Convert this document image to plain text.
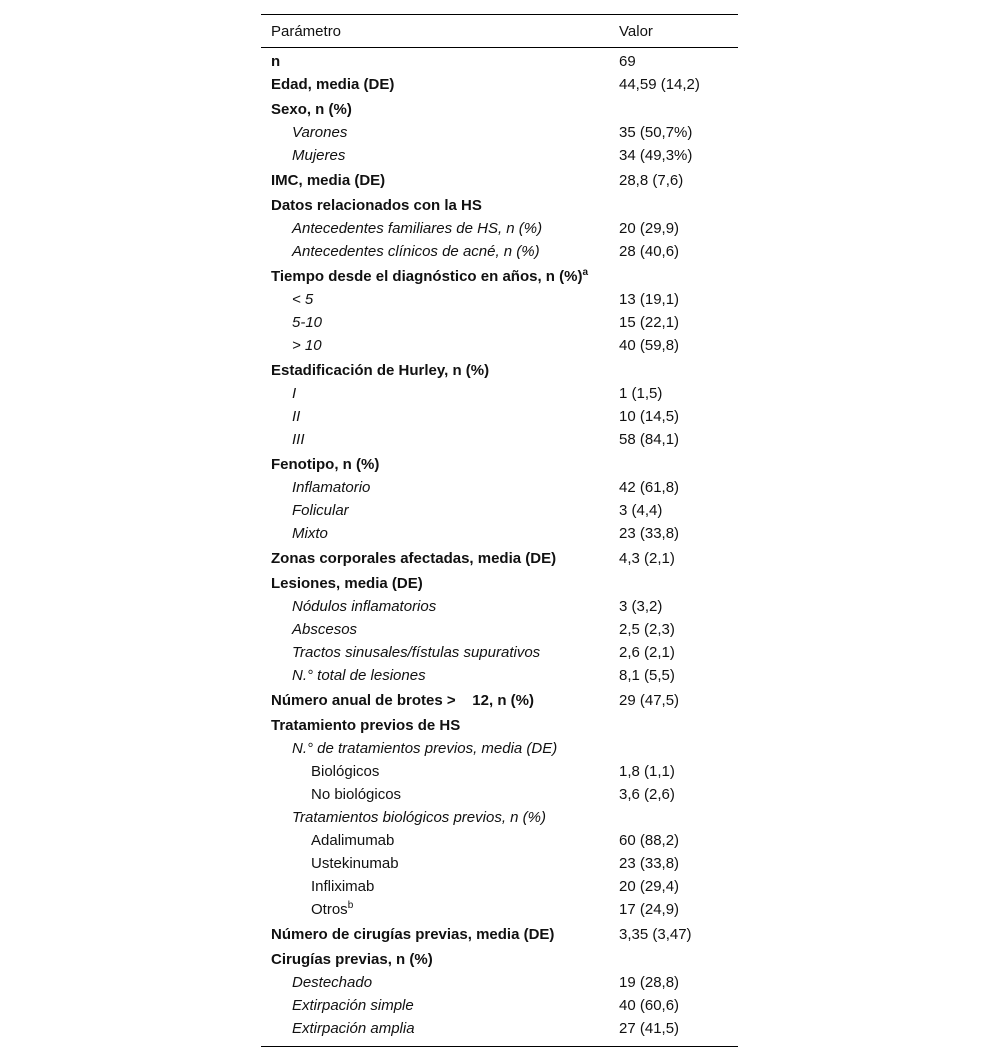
Parámetro	Valor
n	69
Edad, media (DE)	44,59 (14,2)
Sexo, n (%)
Varones	35 (50,7%)
Mujeres	34 (49,3%)
IMC, media (DE)	28,8 (7,6)
Datos relacionados con la HS
Antecedentes familiares de HS, n (%)	20 (29,9)
Antecedentes clínicos de acné, n (%)	28 (40,6)
Tiempo desde el diagnóstico en años, n (%)$^a$
< 5	13 (19,1)
5-10	15 (22,1)
> 10	40 (59,8)
Estadificación de Hurley, n (%)
I	1 (1,5)
II	10 (14,5)
III	58 (84,1)
Fenotipo, n (%)
Inflamatorio	42 (61,8)
Folicular	3 (4,4)
Mixto	23 (33,8)
Zonas corporales afectadas, media (DE)	4,3 (2,1)
Lesiones, media (DE)
Nódulos inflamatorios	3 (3,2)
Abscesos	2,5 (2,3)
Tractos sinusales/fístulas supurativos	2,6 (2,1)
N.° total de lesiones	8,1 (5,5)
Número anual de brotes >    12, n (%)	29 (47,5)
Tratamiento previos de HS
N.° de tratamientos previos, media (DE)
Biológicos	1,8 (1,1)
No biológicos	3,6 (2,6)
Tratamientos biológicos previos, n (%)
Adalimumab	60 (88,2)
Ustekinumab	23 (33,8)
Infliximab	20 (29,4)
Otros$^b$	17 (24,9)
Número de cirugías previas, media (DE)	3,35 (3,47)
Cirugías previas, n (%)
Destechado	19 (28,8)
Extirpación simple	40 (60,6)
Extirpación amplia	27 (41,5)
